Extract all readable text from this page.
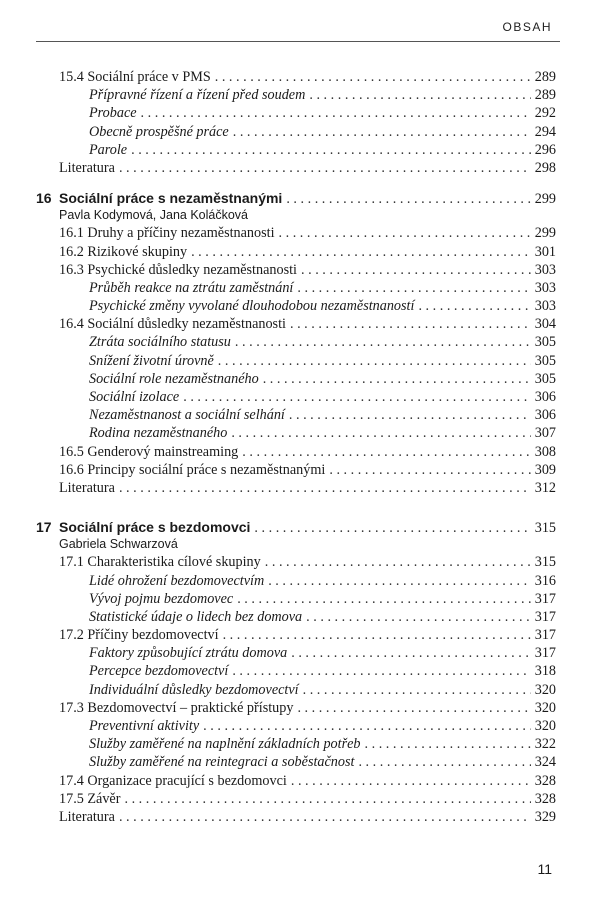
OBSAH
15.4 Sociální práce v PMS . . .	289
Přípravné řízení a řízení před soudem . . .	289
Probace . . .	292
Obecně prospěšné práce . . .	294
Parole . . .	296
Literatura . . .	298
16 Sociální práce s nezaměstnanými . . .	299
Pavla Kodymová, Jana Koláčková
16.1 Druhy a příčiny nezaměstnanosti . . .	299
16.2 Rizikové skupiny . . .	301
16.3 Psychické důsledky nezaměstnanosti . . .	303
Průběh reakce na ztrátu zaměstnání . . .	303
Psychické změny vyvolané dlouhodobou nezaměstnaností . . .	303
16.4 Sociální důsledky nezaměstnanosti . . .	304
Ztráta sociálního statusu . . .	305
Snížení životní úrovně . . .	305
Sociální role nezaměstnaného . . .	305
Sociální izolace . . .	306
Nezaměstnanost a sociální selhání . . .	306
Rodina nezaměstnaného . . .	307
16.5 Genderový mainstreaming . . .	308
16.6 Principy sociální práce s nezaměstnanými . . .	309
Literatura . . .	312
17 Sociální práce s bezdomovci . . .	315
Gabriela Schwarzová
17.1 Charakteristika cílové skupiny . . .	315
Lidé ohrožení bezdomovectvím . . .	316
Vývoj pojmu bezdomovec . . .	317
Statistické údaje o lidech bez domova . . .	317
17.2 Příčiny bezdomovectví . . .	317
Faktory způsobující ztrátu domova . . .	317
Percepce bezdomovectví . . .	318
Individuální důsledky bezdomovectví . . .	320
17.3 Bezdomovectví – praktické přístupy . . .	320
Preventivní aktivity . . .	320
Služby zaměřené na naplnění základních potřeb . . .	322
Služby zaměřené na reintegraci a soběstačnost . . .	324
17.4 Organizace pracující s bezdomovci . . .	328
17.5 Závěr . . .	328
Literatura . . .	329
11
